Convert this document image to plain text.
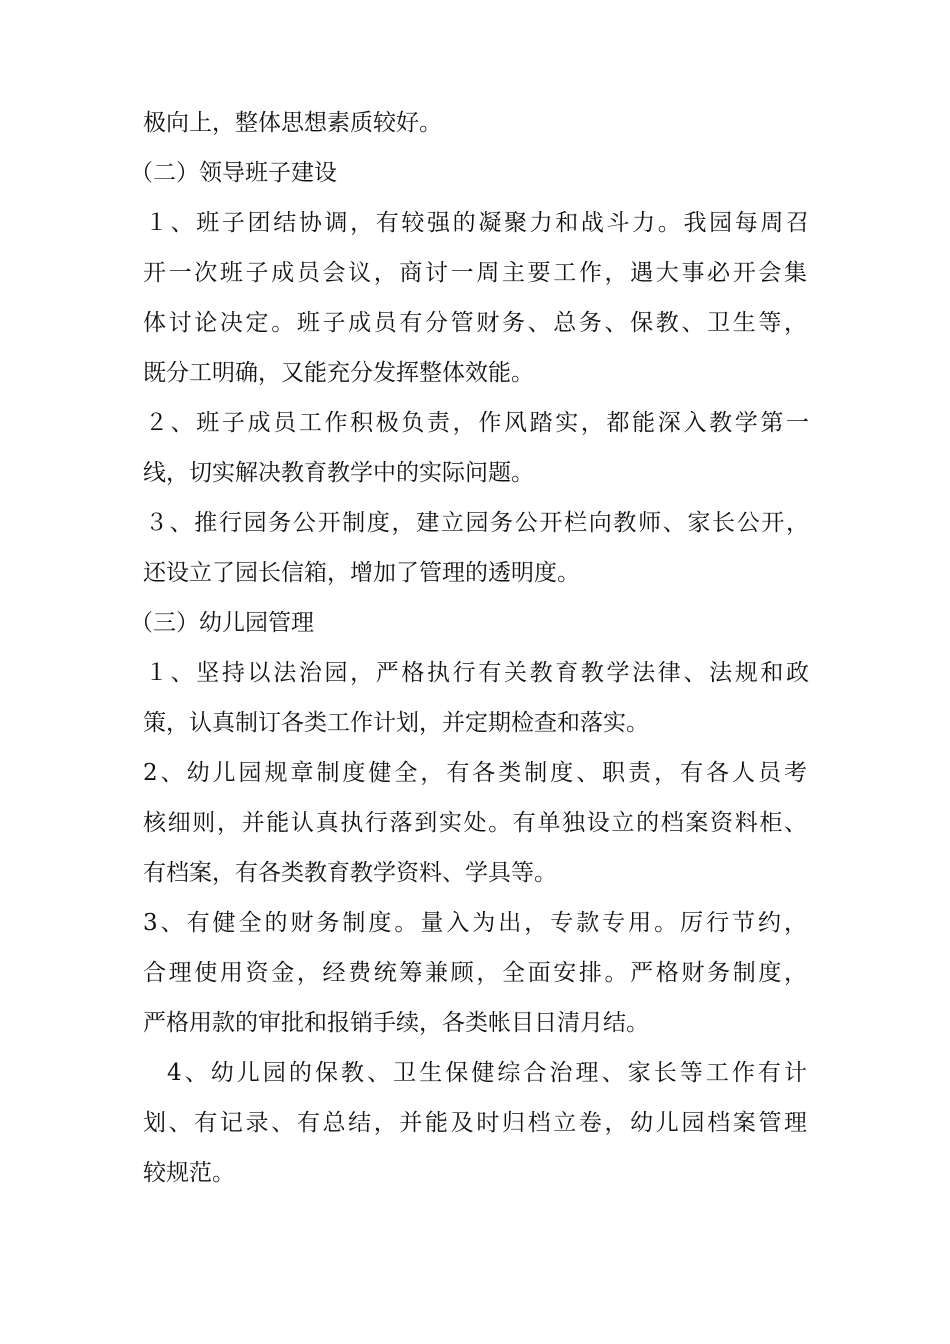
极向上，整体思想素质较好。
（二）领导班子建设
１、班子团结协调，有较强的凝聚力和战斗力。我园每周召
开一次班子成员会议，商讨一周主要工作，遇大事必开会集
体讨论决定。班子成员有分管财务、总务、保教、卫生等，
既分工明确，又能充分发挥整体效能。
２、班子成员工作积极负责，作风踏实，都能深入教学第一
线，切实解决教育教学中的实际问题。
３、推行园务公开制度，建立园务公开栏向教师、家长公开，
还设立了园长信箱，增加了管理的透明度。
（三）幼儿园管理
１、坚持以法治园，严格执行有关教育教学法律、法规和政
策，认真制订各类工作计划，并定期检查和落实。
2、幼儿园规章制度健全，有各类制度、职责，有各人员考
核细则，并能认真执行落到实处。有单独设立的档案资料柜、
有档案，有各类教育教学资料、学具等。
3、有健全的财务制度。量入为出，专款专用。厉行节约，
合理使用资金，经费统筹兼顾，全面安排。严格财务制度，
严格用款的审批和报销手续，各类帐目日清月结。
4、幼儿园的保教、卫生保健综合治理、家长等工作有计
划、有记录、有总结，并能及时归档立卷，幼儿园档案管理
较规范。
